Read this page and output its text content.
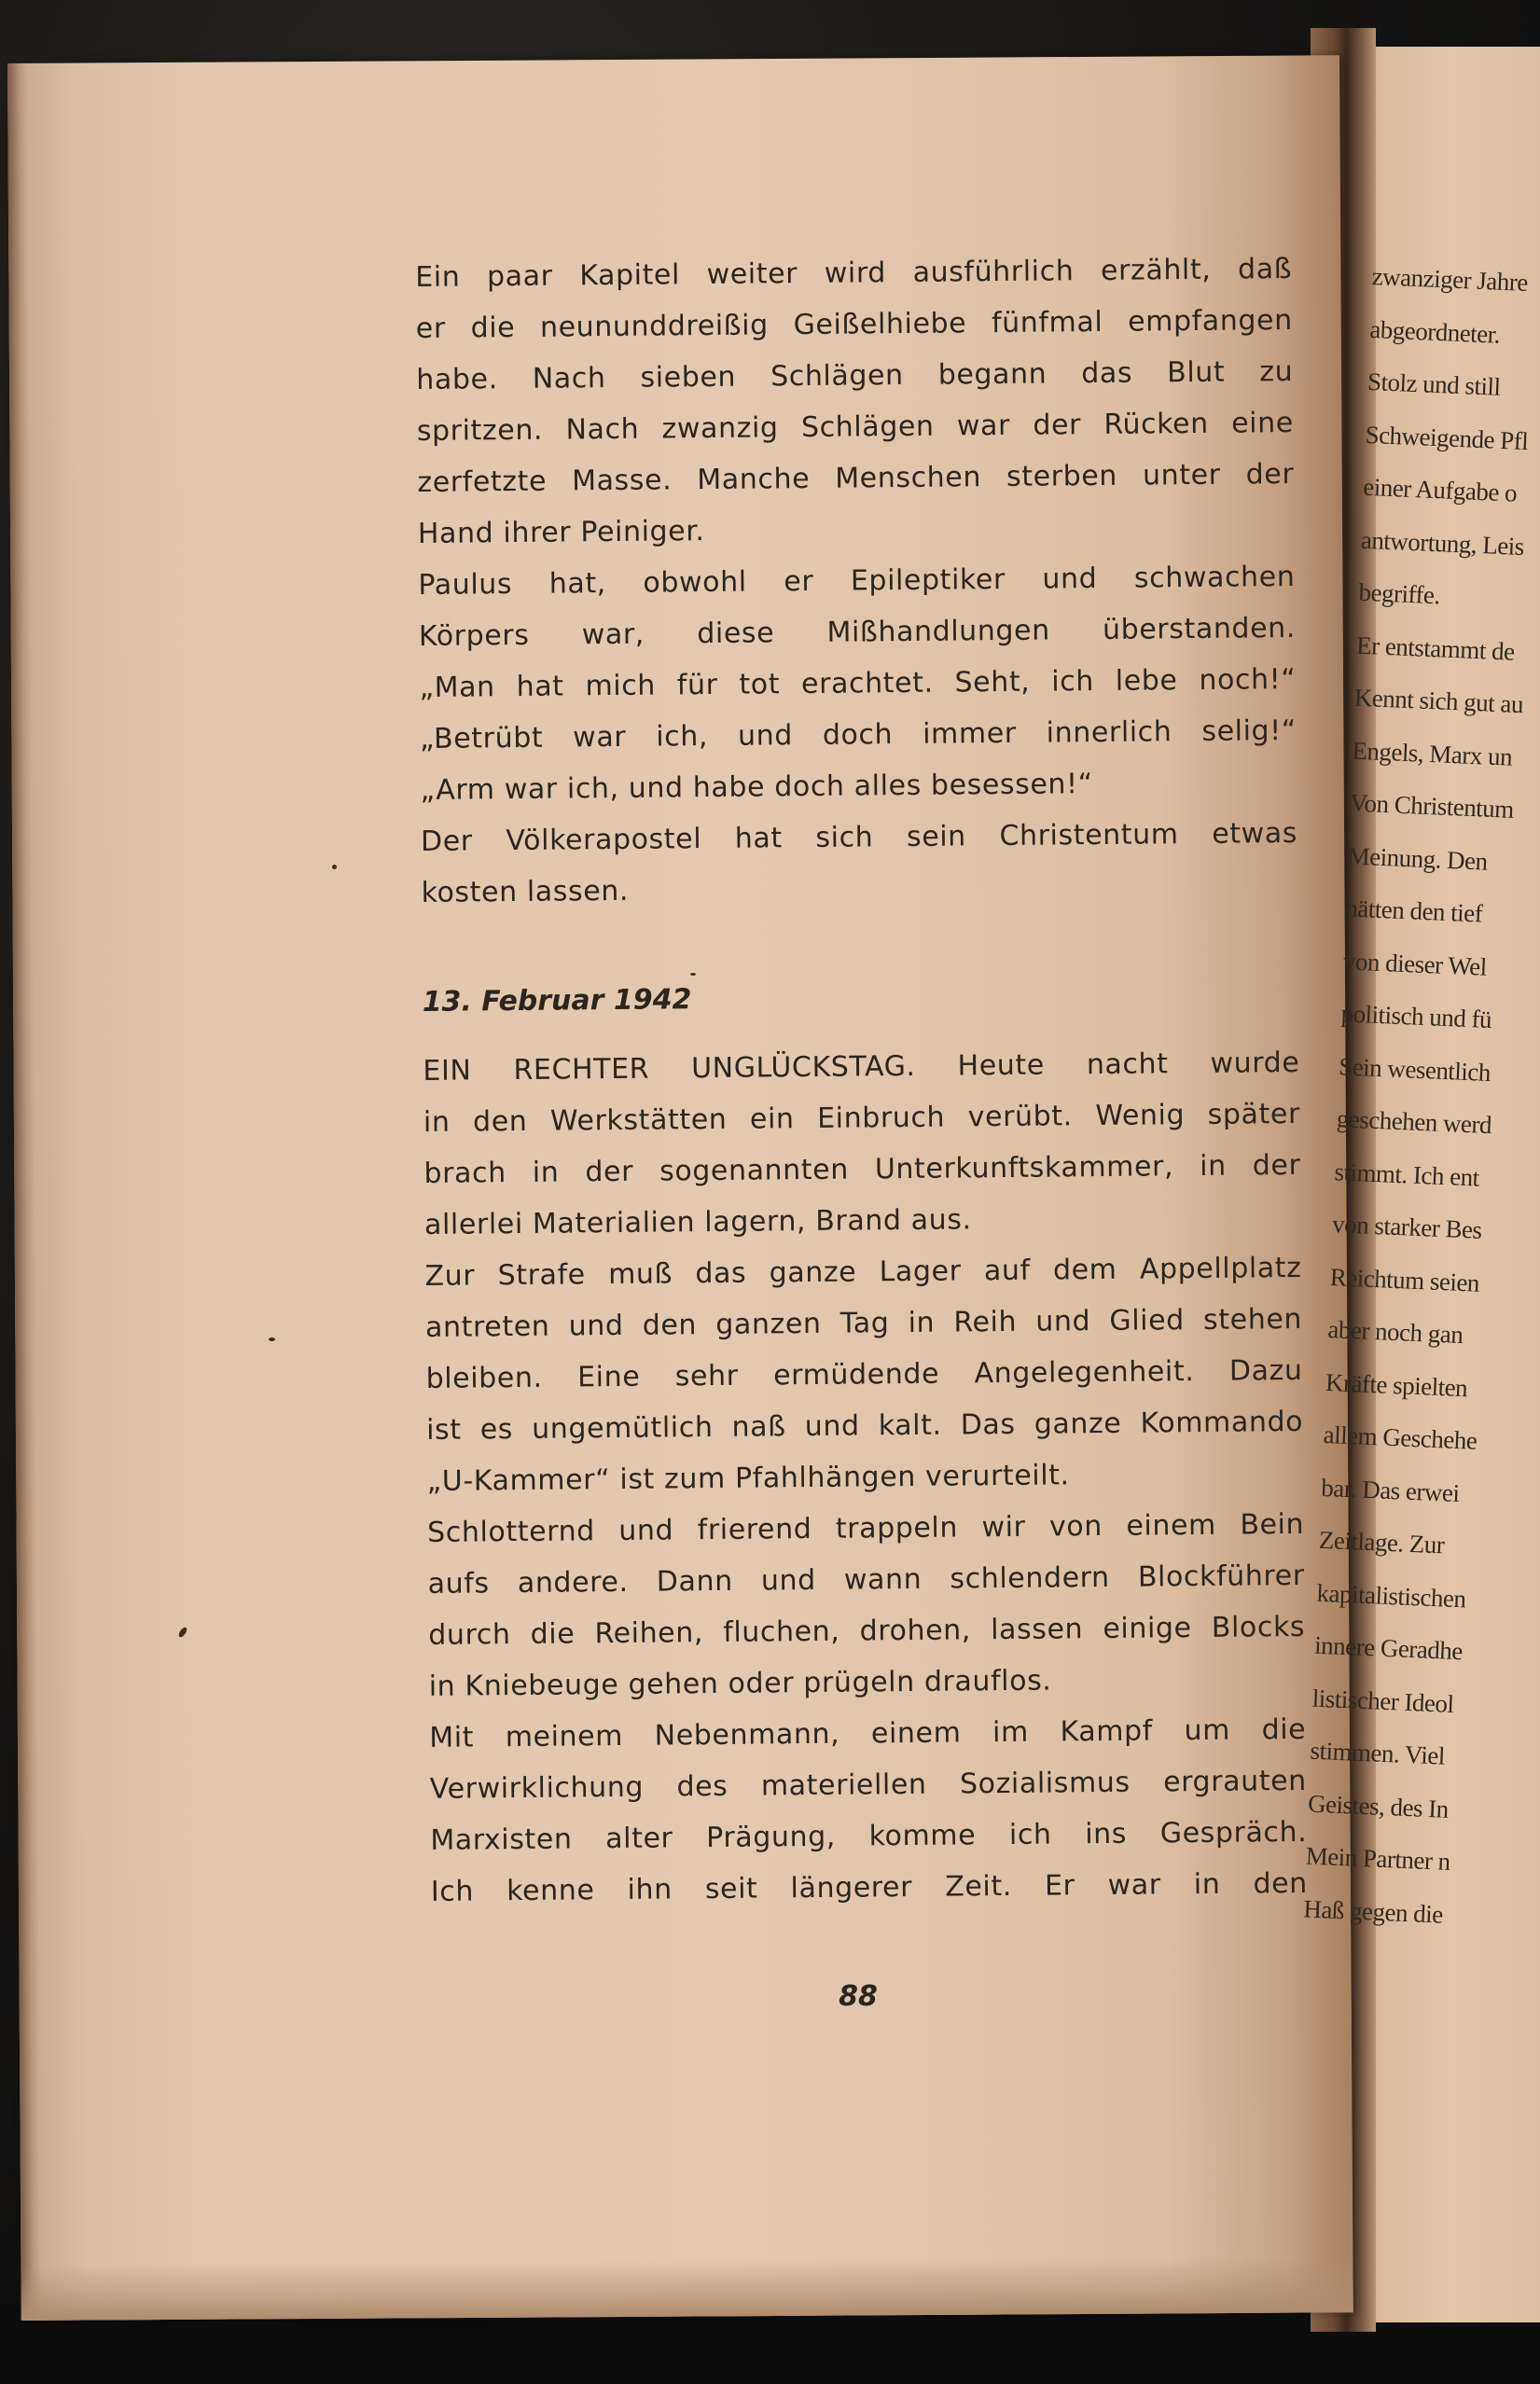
Ein paar Kapitel weiter wird ausführlich erzählt, daß
er die neununddreißig Geißelhiebe fünfmal empfangen
habe. Nach sieben Schlägen begann das Blut zu
spritzen. Nach zwanzig Schlägen war der Rücken eine
zerfetzte Masse. Manche Menschen sterben unter der
Hand ihrer Peiniger.
Paulus hat, obwohl er Epileptiker und schwachen
Körpers war, diese Mißhandlungen überstanden.
„Man hat mich für tot erachtet. Seht, ich lebe noch!“
„Betrübt war ich, und doch immer innerlich selig!“
„Arm war ich, und habe doch alles besessen!“
Der Völkerapostel hat sich sein Christentum etwas
kosten lassen.
13. Februar 1942
EIN RECHTER UNGLÜCKSTAG. Heute nacht wurde
in den Werkstätten ein Einbruch verübt. Wenig später
brach in der sogenannten Unterkunftskammer, in der
allerlei Materialien lagern, Brand aus.
Zur Strafe muß das ganze Lager auf dem Appellplatz
antreten und den ganzen Tag in Reih und Glied stehen
bleiben. Eine sehr ermüdende Angelegenheit. Dazu
ist es ungemütlich naß und kalt. Das ganze Kommando
„U-Kammer“ ist zum Pfahlhängen verurteilt.
Schlotternd und frierend trappeln wir von einem Bein
aufs andere. Dann und wann schlendern Blockführer
durch die Reihen, fluchen, drohen, lassen einige Blocks
in Kniebeuge gehen oder prügeln drauflos.
Mit meinem Nebenmann, einem im Kampf um die
Verwirklichung des materiellen Sozialismus ergrauten
Marxisten alter Prägung, komme ich ins Gespräch.
Ich kenne ihn seit längerer Zeit. Er war in den
88
zwanziger Jahre
abgeordneter.
Stolz und still
Schweigende Pfl
einer Aufgabe o
antwortung, Leis
begriffe.
Er entstammt de
Kennt sich gut au
Engels, Marx un
Von Christentum
Meinung. Den
hätten den tief
von dieser Wel
politisch und fü
Sein wesentlich
geschehen werd
stimmt. Ich ent
von starker Bes
Reichtum seien
aber noch gan
Kräfte spielten
allem Geschehe
bar. Das erwei
Zeitlage. Zur
kapitalistischen
innere Geradhe
listischer Ideol
stimmen. Viel
Geistes, des In
Mein Partner n
Haß gegen die
